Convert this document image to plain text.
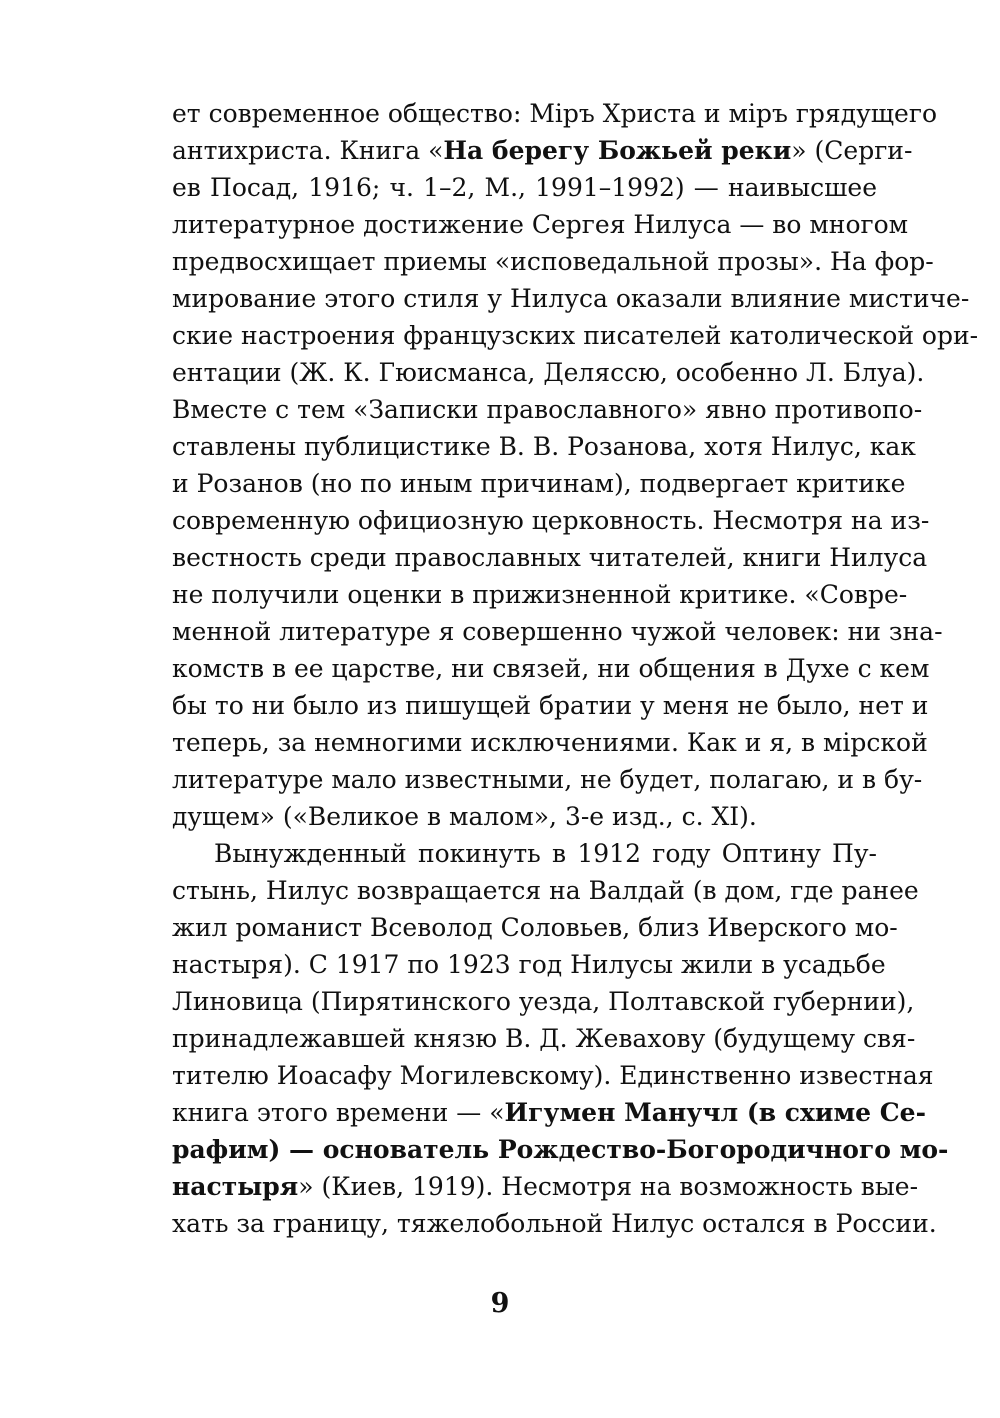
ет современное общество: Міръ Христа и міръ грядущего
антихриста. Книга «На берегу Божьей реки» (Серги-
ев Посад, 1916; ч. 1–2, М., 1991–1992) — наивысшее
литературное достижение Сергея Нилуса — во многом
предвосхищает приемы «исповедальной прозы». На фор-
мирование этого стиля у Нилуса оказали влияние мистиче-
ские настроения французских писателей католической ори-
ентации (Ж. К. Гюисманса, Делясcю, особенно Л. Блуа).
Вместе с тем «Записки православного» явно противопо-
ставлены публицистике В. В. Розанова, хотя Нилус, как
и Розанов (но по иным причинам), подвергает критике
современную официозную церковность. Несмотря на из-
вестность среди православных читателей, книги Нилуса
не получили оценки в прижизненной критике. «Совре-
менной литературе я совершенно чужой человек: ни зна-
комств в ее царстве, ни связей, ни общения в Духе с кем
бы то ни было из пишущей братии у меня не было, нет и
теперь, за немногими исключениями. Как и я, в мірской
литературе мало известными, не будет, полагаю, и в бу-
дущем» («Великое в малом», 3-е изд., с. XI).
Вынужденный покинуть в 1912 году Оптину Пу-
стынь, Нилус возвращается на Валдай (в дом, где ранее
жил романист Всеволод Соловьев, близ Иверского мо-
настыря). С 1917 по 1923 год Нилусы жили в усадьбе
Линовица (Пирятинского уезда, Полтавской губернии),
принадлежавшей князю В. Д. Жевахову (будущему свя-
тителю Иоасафу Могилевскому). Единственно известная
книга этого времени — «Игумен Манучл (в схиме Се-
рафим) — основатель Рождество-Богородичного мо-
настыря» (Киев, 1919). Несмотря на возможность выe-
хать за границу, тяжелобольной Нилус остался в России.
9
